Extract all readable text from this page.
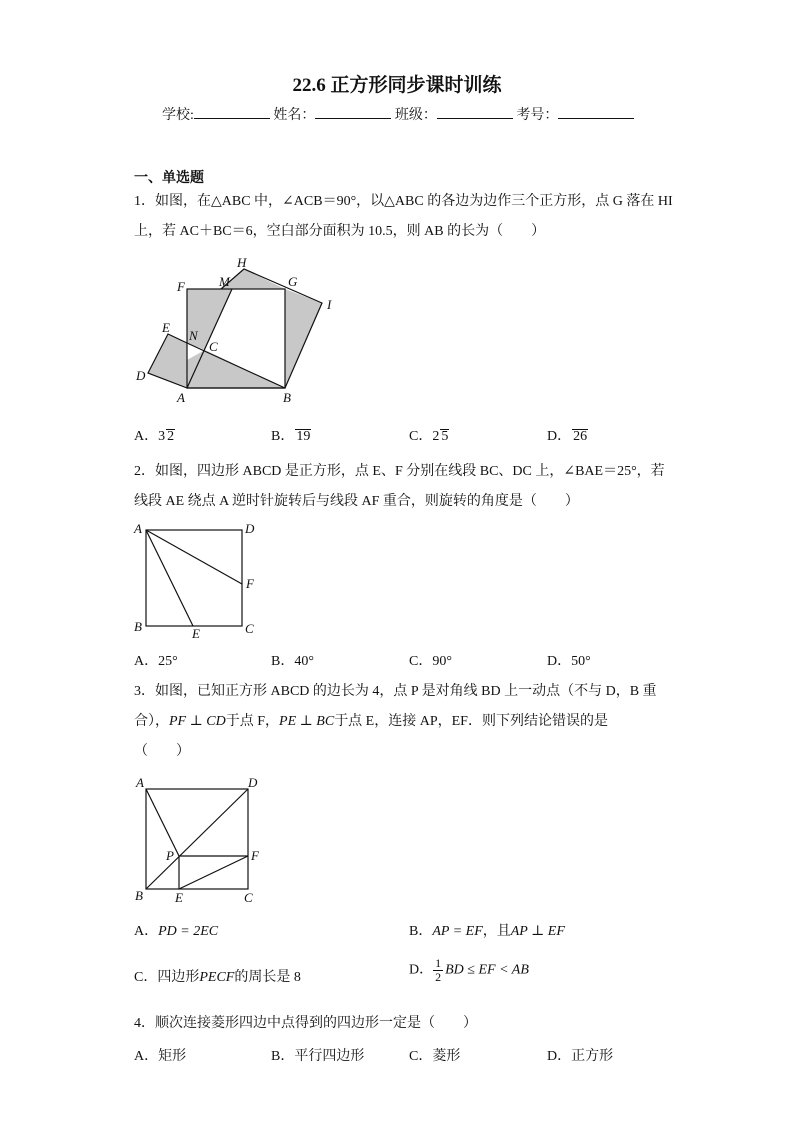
22.6 正方形同步课时训练
学校:	姓名：	班级：	考号：
一、单选题
1．如图，在△ABC 中，∠ACB＝90°，以△ABC 的各边为边作三个正方形，点 G 落在 HI
上，若 AC＋BC＝6，空白部分面积为 10.5，则 AB 的长为（　　）
H
M	G
F
I
E
N
C
D
A	B
A．3 2	B． 19	C．2 5	D． 26
2．如图，四边形 ABCD 是正方形，点 E、F 分别在线段 BC、DC 上，∠BAE＝25°，若
线段 AE 绕点 A 逆时针旋转后与线段 AF 重合，则旋转的角度是（　　）
A	D
F
B	E	C
A．25°	B．40°	C．90°	D．50°
3．如图，已知正方形 ABCD 的边长为 4，点 P 是对角线 BD 上一动点（不与 D，B 重
合），PF ⊥ CD于点 F，PE ⊥ BC于点 E，连接 AP，EF．则下列结论错误的是
（　　）
A	D
P	F
B E	C
A．PD = 2EC	B．AP = EF，且AP ⊥ EF
C．四边形PECF的周长是 8	D． $\frac{1}{2}$ BD ≤ EF < AB
4．顺次连接菱形四边中点得到的四边形一定是（　　）
A．矩形	B．平行四边形	C．菱形	D．正方形
